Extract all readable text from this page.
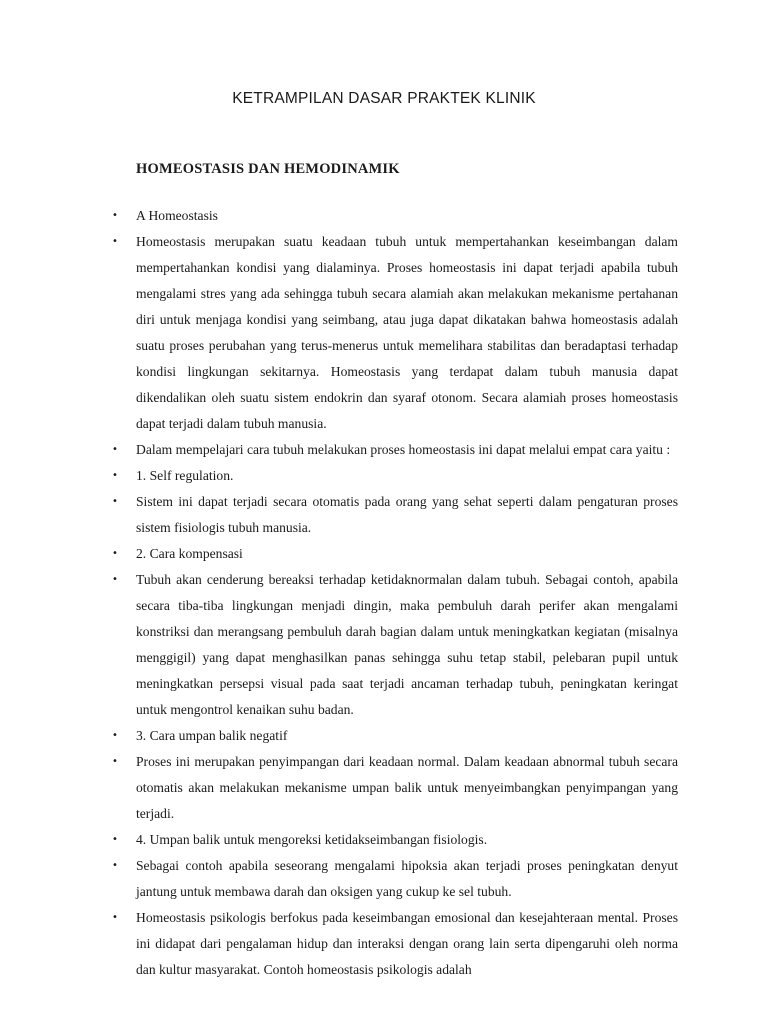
KETRAMPILAN DASAR PRAKTEK KLINIK
HOMEOSTASIS DAN HEMODINAMIK
• A Homeostasis
• Homeostasis merupakan suatu keadaan tubuh untuk mempertahankan keseimbangan dalam mempertahankan kondisi yang dialaminya. Proses homeostasis ini dapat terjadi apabila tubuh mengalami stres yang ada sehingga tubuh secara alamiah akan melakukan mekanisme pertahanan diri untuk menjaga kondisi yang seimbang, atau juga dapat dikatakan bahwa homeostasis adalah suatu proses perubahan yang terus-menerus untuk memelihara stabilitas dan beradaptasi terhadap kondisi lingkungan sekitarnya. Homeostasis yang terdapat dalam tubuh manusia dapat dikendalikan oleh suatu sistem endokrin dan syaraf otonom. Secara alamiah proses homeostasis dapat terjadi dalam tubuh manusia.
• Dalam mempelajari cara tubuh melakukan proses homeostasis ini dapat melalui empat cara yaitu :
• 1. Self regulation.
• Sistem ini dapat terjadi secara otomatis pada orang yang sehat seperti dalam pengaturan proses sistem fisiologis tubuh manusia.
• 2. Cara kompensasi
• Tubuh akan cenderung bereaksi terhadap ketidaknormalan dalam tubuh. Sebagai contoh, apabila secara tiba-tiba lingkungan menjadi dingin, maka pembuluh darah perifer akan mengalami konstriksi dan merangsang pembuluh darah bagian dalam untuk meningkatkan kegiatan (misalnya menggigil) yang dapat menghasilkan panas sehingga suhu tetap stabil, pelebaran pupil untuk meningkatkan persepsi visual pada saat terjadi ancaman terhadap tubuh, peningkatan keringat untuk mengontrol kenaikan suhu badan.
• 3. Cara umpan balik negatif
• Proses ini merupakan penyimpangan dari keadaan normal. Dalam keadaan abnormal tubuh secara otomatis akan melakukan mekanisme umpan balik untuk menyeimbangkan penyimpangan yang terjadi.
• 4. Umpan balik untuk mengoreksi ketidakseimbangan fisiologis.
• Sebagai contoh apabila seseorang mengalami hipoksia akan terjadi proses peningkatan denyut jantung untuk membawa darah dan oksigen yang cukup ke sel tubuh.
• Homeostasis psikologis berfokus pada keseimbangan emosional dan kesejahteraan mental. Proses ini didapat dari pengalaman hidup dan interaksi dengan orang lain serta dipengaruhi oleh norma dan kultur masyarakat. Contoh homeostasis psikologis adalah
